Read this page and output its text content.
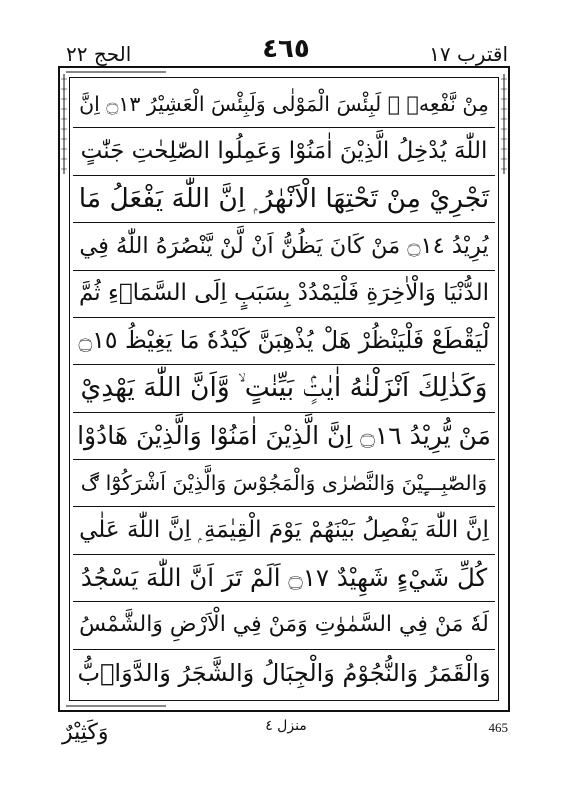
الحج ٢٢	٤٦٥	اقترب ١٧
مِنْ نَّفْعِهٖ ۭ لَبِئْسَ الْمَوْلٰى وَلَبِئْسَ الْعَشِيْرُ ۝١٣ اِنَّ
اللّٰهَ يُدْخِلُ الَّذِيْنَ اٰمَنُوْا وَعَمِلُوا الصّٰلِحٰتِ جَنّٰتٍ
تَجْرِيْ مِنْ تَحْتِهَا الْاَنْهٰرُ ۭ اِنَّ اللّٰهَ يَفْعَلُ مَا
يُرِيْدُ ۝١٤ مَنْ كَانَ يَظُنُّ اَنْ لَّنْ يَّنْصُرَهُ اللّٰهُ فِي
الدُّنْيَا وَالْاٰخِرَةِ فَلْيَمْدُدْ بِسَبَبٍ اِلَى السَّمَاۗءِ ثُمَّ
لْيَقْطَعْ فَلْيَنْظُرْ هَلْ يُذْهِبَنَّ كَيْدُهٗ مَا يَغِيْظُ ۝١٥
وَكَذٰلِكَ اَنْزَلْنٰهُ اٰيٰتٍۢ بَيِّنٰتٍ ۙ وَّاَنَّ اللّٰهَ يَهْدِيْ
مَنْ يُّرِيْدُ ۝١٦ اِنَّ الَّذِيْنَ اٰمَنُوْا وَالَّذِيْنَ هَادُوْا
وَالصّٰبِـــِٕيْنَ وَالنَّصٰرٰى وَالْمَجُوْسَ وَالَّذِيْنَ اَشْرَكُوْٓا ڰ
اِنَّ اللّٰهَ يَفْصِلُ بَيْنَهُمْ يَوْمَ الْقِيٰمَةِ ۭ اِنَّ اللّٰهَ عَلٰي
كُلِّ شَيْءٍ شَهِيْدٌ ۝١٧ اَلَمْ تَرَ اَنَّ اللّٰهَ يَسْجُدُ
لَهٗ مَنْ فِي السَّمٰوٰتِ وَمَنْ فِي الْاَرْضِ وَالشَّمْسُ
وَالْقَمَرُ وَالنُّجُوْمُ وَالْجِبَالُ وَالشَّجَرُ وَالدَّوَاۗبُّ
وَكَثِيْرٌ	منزل ٤	465
